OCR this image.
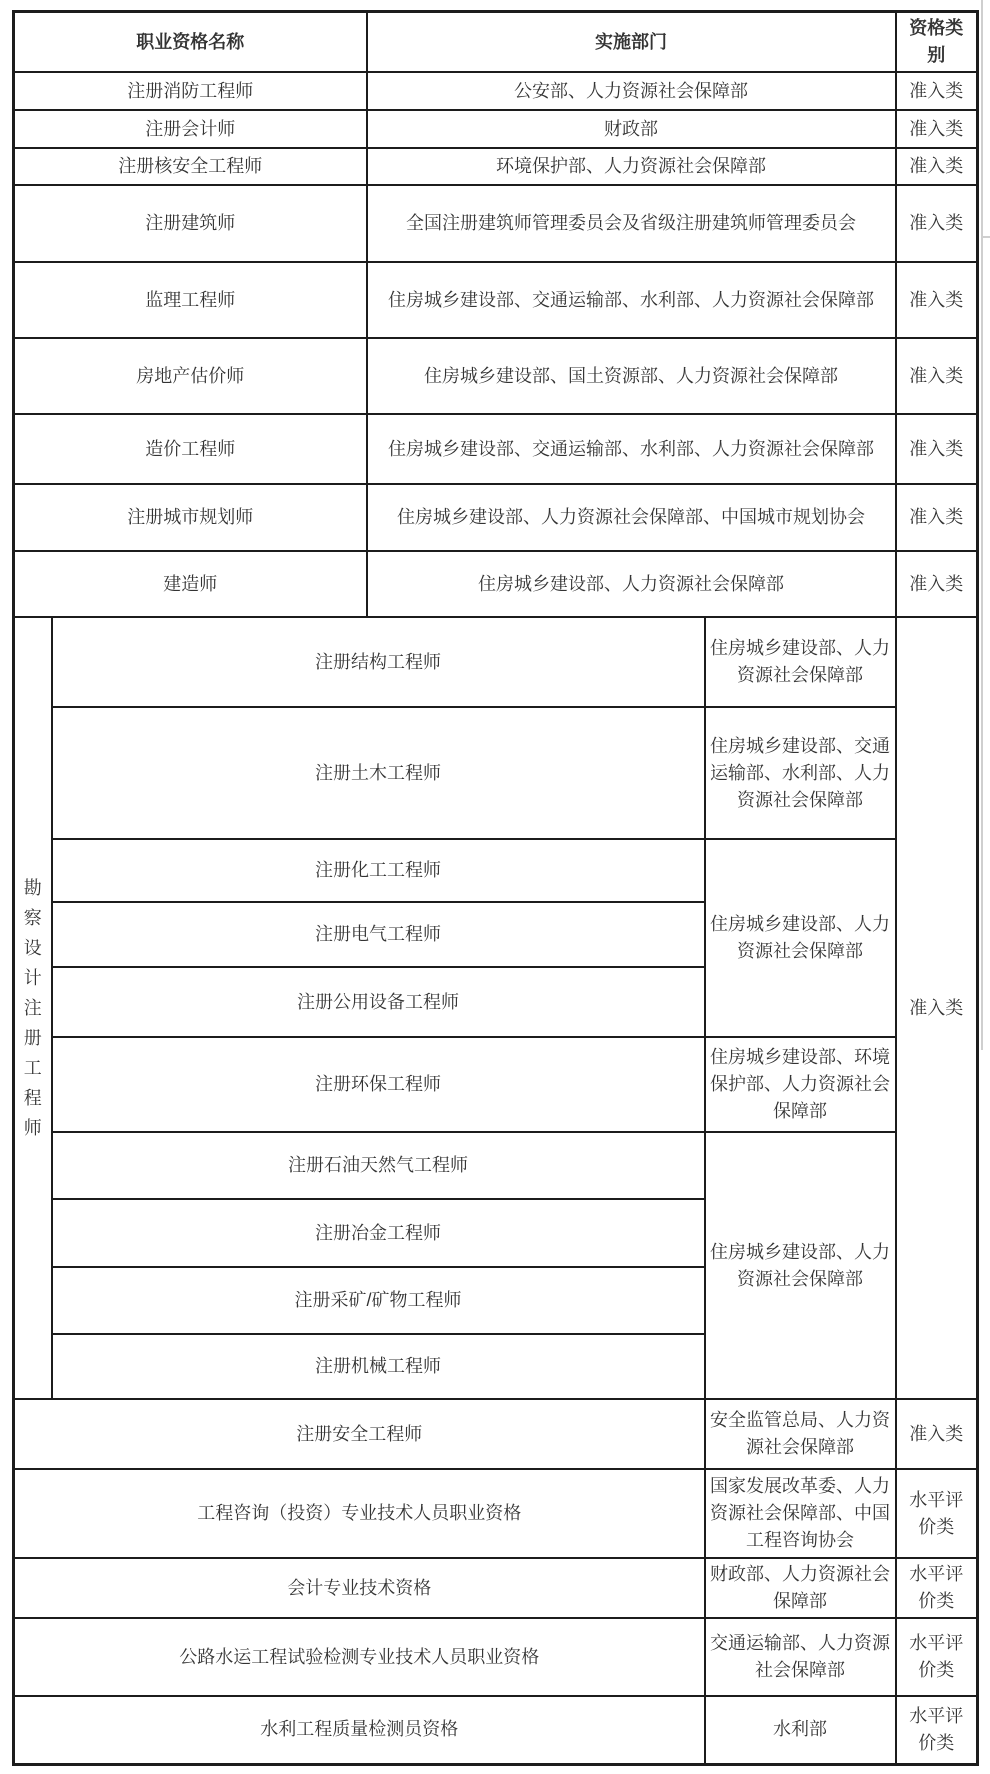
职业资格名称		实施部门		资格类别
注册消防工程师		公安部、人力资源社会保障部		准入类
注册会计师		财政部		准入类
注册核安全工程师		环境保护部、人力资源社会保障部		准入类
注册建筑师		全国注册建筑师管理委员会及省级注册建筑师管理委员会		准入类
监理工程师		住房城乡建设部、交通运输部、水利部、人力资源社会保障部		准入类
房地产估价师		住房城乡建设部、国土资源部、人力资源社会保障部		准入类
造价工程师		住房城乡建设部、交通运输部、水利部、人力资源社会保障部		准入类
注册城市规划师		住房城乡建设部、人力资源社会保障部、中国城市规划协会		准入类
建造师		住房城乡建设部、人力资源社会保障部		准入类

勘察设计注册工程师	注册结构工程师		住房城乡建设部、人力资源社会保障部	准入类
	注册土木工程师		住房城乡建设部、交通运输部、水利部、人力资源社会保障部	
	注册化工工程师		住房城乡建设部、人力资源社会保障部	
	注册电气工程师			
	注册公用设备工程师			
	注册环保工程师		住房城乡建设部、环境保护部、人力资源社会保障部	
	注册石油天然气工程师		住房城乡建设部、人力资源社会保障部	
	注册冶金工程师			
	注册采矿/矿物工程师			
	注册机械工程师			
注册安全工程师			安全监管总局、人力资源社会保障部	准入类
工程咨询（投资）专业技术人员职业资格			国家发展改革委、人力资源社会保障部、中国工程咨询协会	水平评价类
会计专业技术资格			财政部、人力资源社会保障部	水平评价类
公路水运工程试验检测专业技术人员职业资格			交通运输部、人力资源社会保障部	水平评价类
水利工程质量检测员资格			水利部	水平评价类
